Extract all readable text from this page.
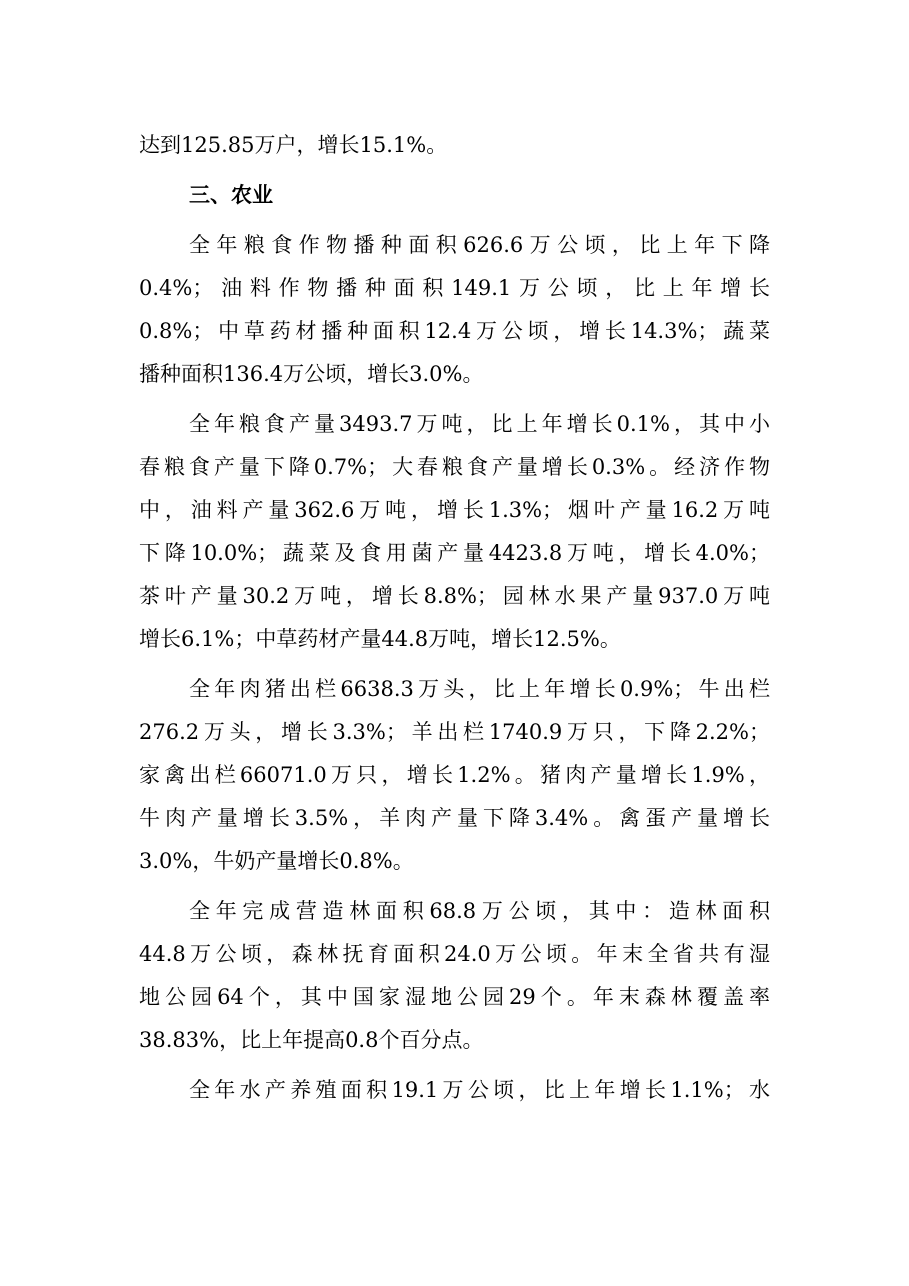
达到125.85万户，增长15.1%。
三、农业
全年粮食作物播种面积626.6万公顷，比上年下降
0.4%；油料作物播种面积149.1万公顷，比上年增长
0.8%；中草药材播种面积12.4万公顷，增长14.3%；蔬菜
播种面积136.4万公顷，增长3.0%。
全年粮食产量3493.7万吨，比上年增长0.1%，其中小
春粮食产量下降0.7%；大春粮食产量增长0.3%。经济作物
中，油料产量362.6万吨，增长1.3%；烟叶产量16.2万吨
下降10.0%；蔬菜及食用菌产量4423.8万吨，增长4.0%；
茶叶产量30.2万吨，增长8.8%；园林水果产量937.0万吨
增长6.1%；中草药材产量44.8万吨，增长12.5%。
全年肉猪出栏6638.3万头，比上年增长0.9%；牛出栏
276.2万头，增长3.3%；羊出栏1740.9万只，下降2.2%；
家禽出栏66071.0万只，增长1.2%。猪肉产量增长1.9%，
牛肉产量增长3.5%，羊肉产量下降3.4%。禽蛋产量增长
3.0%，牛奶产量增长0.8%。
全年完成营造林面积68.8万公顷，其中：造林面积
44.8万公顷，森林抚育面积24.0万公顷。年末全省共有湿
地公园64个，其中国家湿地公园29个。年末森林覆盖率
38.83%，比上年提高0.8个百分点。
全年水产养殖面积19.1万公顷，比上年增长1.1%；水
